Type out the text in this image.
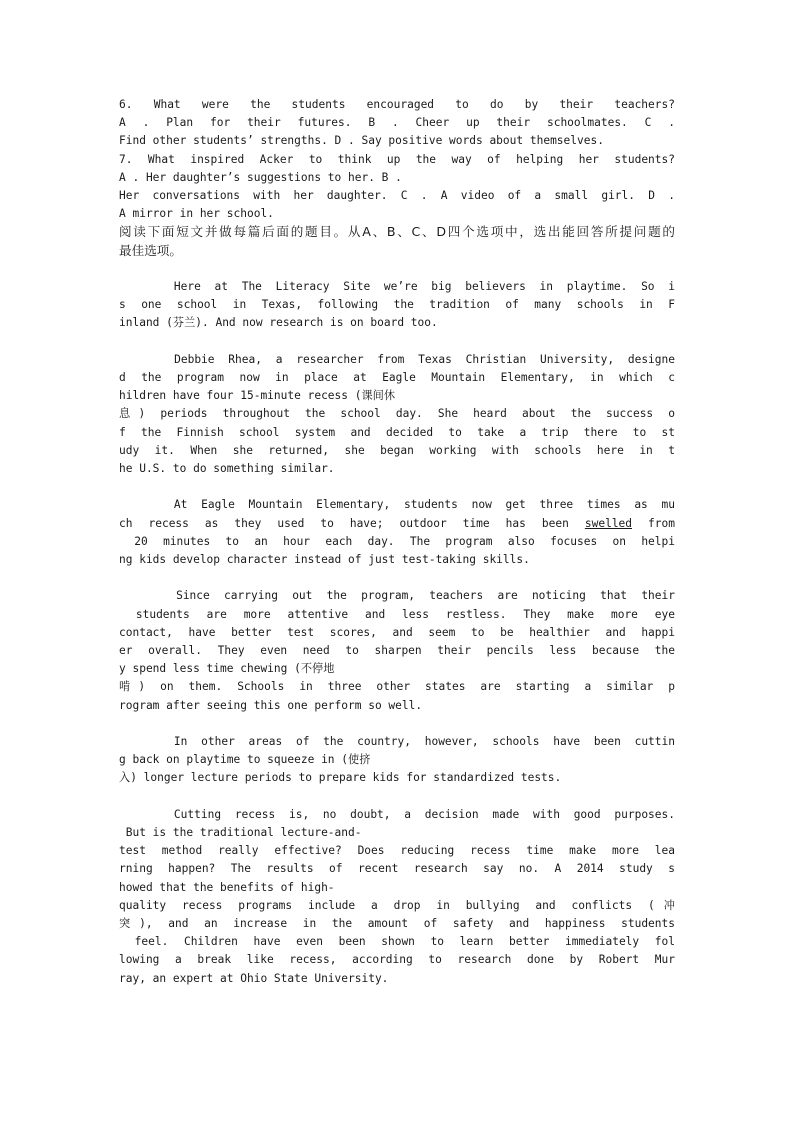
6. What were the students encouraged to do by their teachers?
A . Plan for their futures. B . Cheer up their schoolmates. C .
Find other students’ strengths. D . Say positive words about themselves.
7. What inspired Acker to think up the way of helping her students?
A . Her daughter’s suggestions to her. B .
Her conversations with her daughter. C . A video of a small girl. D .
A mirror in her school.
阅读下面短文并做每篇后面的题目。从A、B、C、D四个选项中，选出能回答所提问题的
最佳选项。
Here at The Literacy Site we’re big believers in playtime. So i
s one school in Texas, following the tradition of many schools in F
inland (芬兰). And now research is on board too.
Debbie Rhea, a researcher from Texas Christian University, designe
d the program now in place at Eagle Mountain Elementary, in which c
hildren have four 15-minute recess (课间休
息) periods throughout the school day. She heard about the success o
f the Finnish school system and decided to take a trip there to st
udy it. When she returned, she began working with schools here in t
he U.S. to do something similar.
At Eagle Mountain Elementary, students now get three times as mu
ch recess as they used to have; outdoor time has been swelled from
20 minutes to an hour each day. The program also focuses on helpi
ng kids develop character instead of just test-taking skills.
Since carrying out the program, teachers are noticing that their
students are more attentive and less restless. They make more eye
contact, have better test scores, and seem to be healthier and happi
er overall. They even need to sharpen their pencils less because the
y spend less time chewing (不停地
啃) on them. Schools in three other states are starting a similar p
rogram after seeing this one perform so well.
In other areas of the country, however, schools have been cuttin
g back on playtime to squeeze in (使挤
入) longer lecture periods to prepare kids for standardized tests.
Cutting recess is, no doubt, a decision made with good purposes.
But is the traditional lecture-and-
test method really effective? Does reducing recess time make more lea
rning happen? The results of recent research say no. A 2014 study s
howed that the benefits of high-
quality recess programs include a drop in bullying and conflicts (冲
突), and an increase in the amount of safety and happiness students
feel. Children have even been shown to learn better immediately fol
lowing a break like recess, according to research done by Robert Mur
ray, an expert at Ohio State University.
